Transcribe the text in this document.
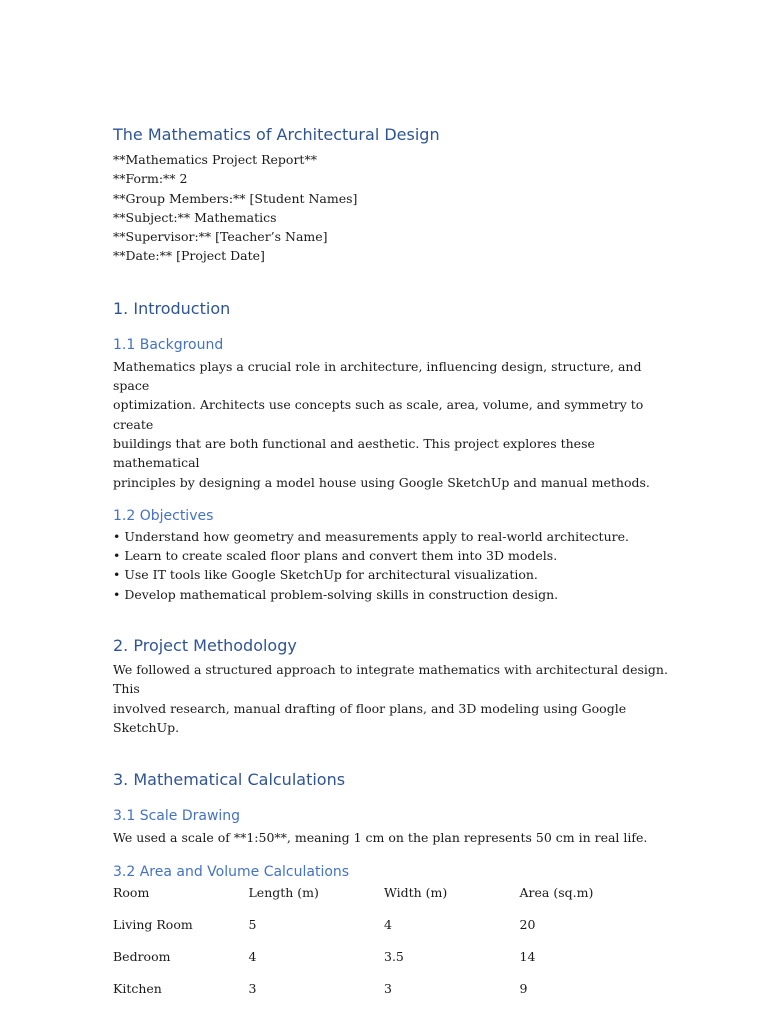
The Mathematics of Architectural Design
**Mathematics Project Report**
**Form:** 2
**Group Members:** [Student Names]
**Subject:** Mathematics
**Supervisor:** [Teacher’s Name]
**Date:** [Project Date]
1. Introduction
1.1 Background
Mathematics plays a crucial role in architecture, influencing design, structure, and space
optimization. Architects use concepts such as scale, area, volume, and symmetry to create
buildings that are both functional and aesthetic. This project explores these mathematical
principles by designing a model house using Google SketchUp and manual methods.
1.2 Objectives
• Understand how geometry and measurements apply to real-world architecture.
• Learn to create scaled floor plans and convert them into 3D models.
• Use IT tools like Google SketchUp for architectural visualization.
• Develop mathematical problem-solving skills in construction design.
2. Project Methodology
We followed a structured approach to integrate mathematics with architectural design. This
involved research, manual drafting of floor plans, and 3D modeling using Google SketchUp.
3. Mathematical Calculations
3.1 Scale Drawing
We used a scale of **1:50**, meaning 1 cm on the plan represents 50 cm in real life.
3.2 Area and Volume Calculations
Room	Length (m)	Width (m)	Area (sq.m)
Living Room	5	4	20
Bedroom	4	3.5	14
Kitchen	3	3	9
